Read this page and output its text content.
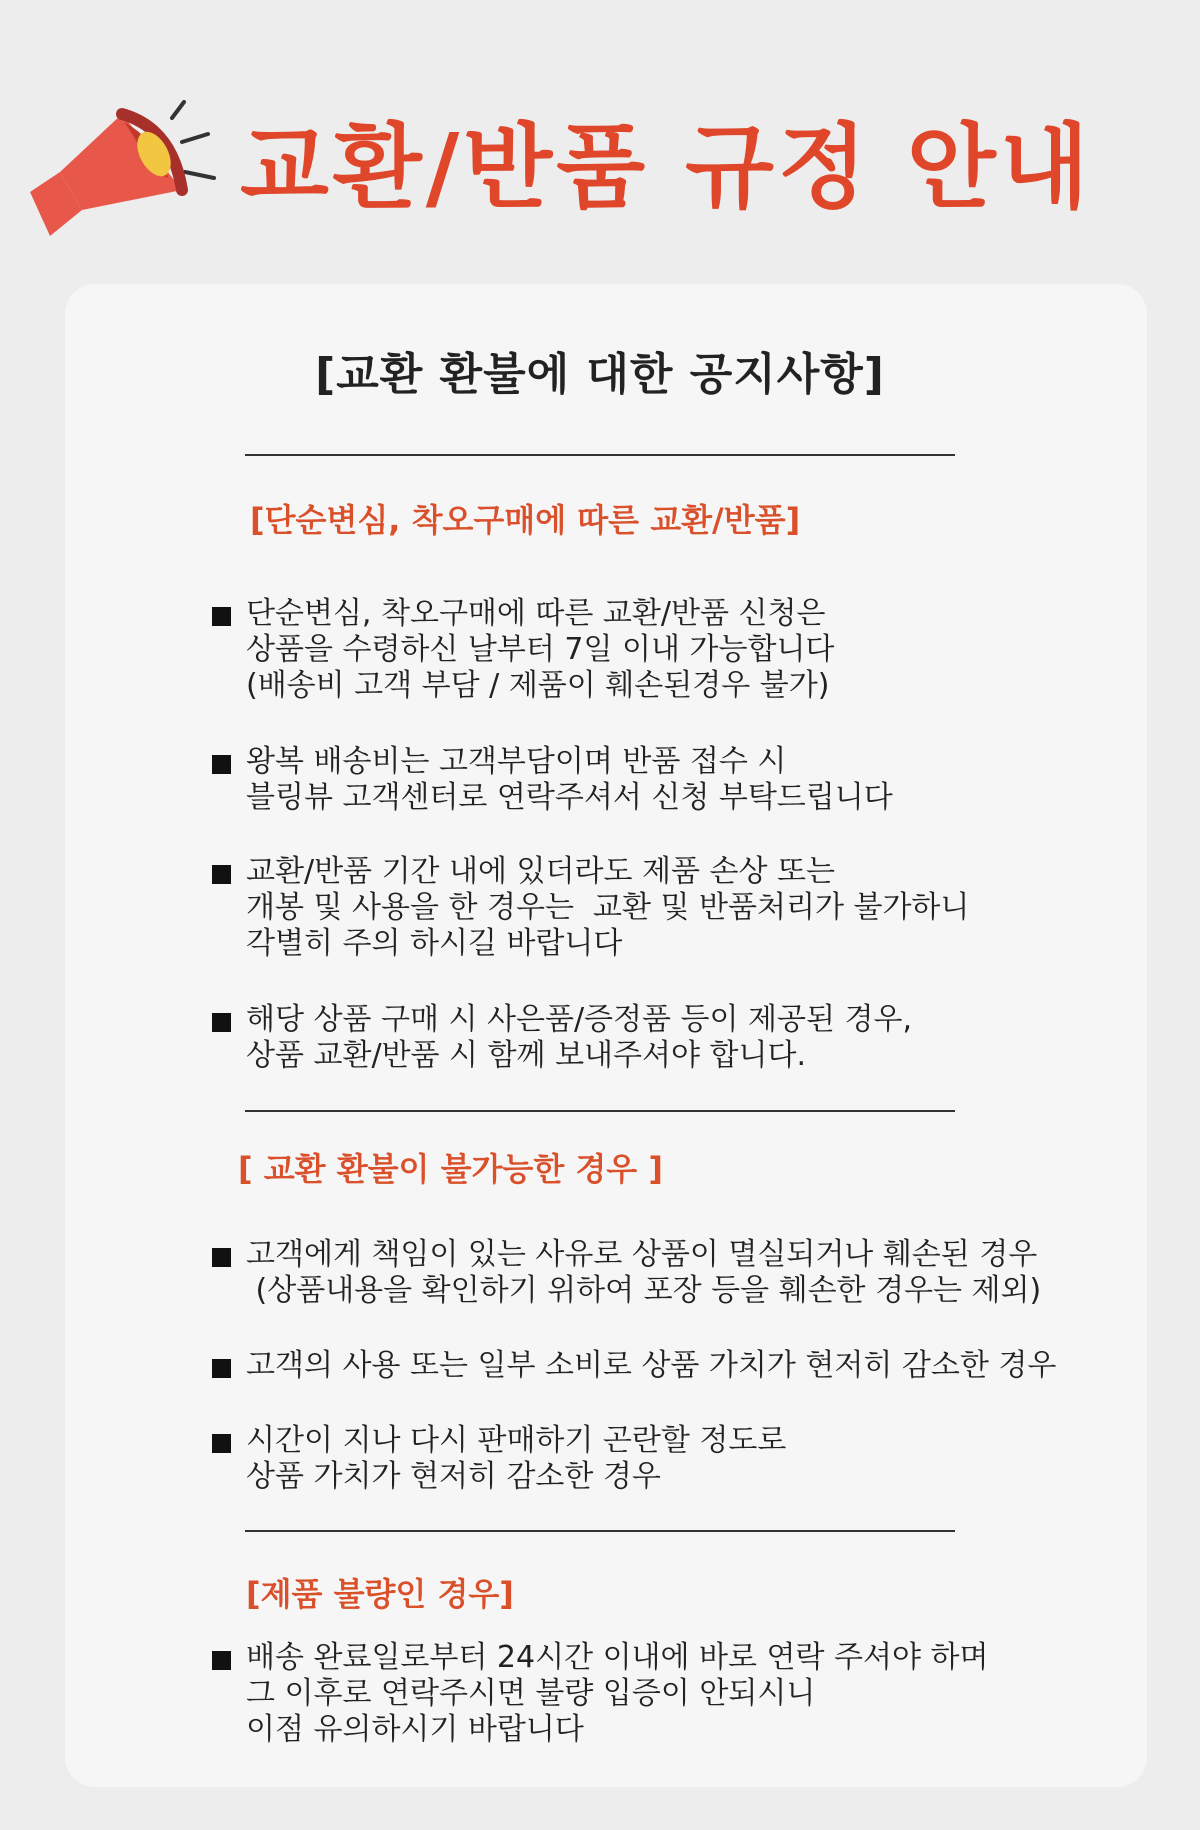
교환/반품 규정 안내
[교환 환불에 대한 공지사항]
[단순변심, 착오구매에 따른 교환/반품]
단순변심, 착오구매에 따른 교환/반품 신청은
상품을 수령하신 날부터 7일 이내 가능합니다
(배송비 고객 부담 / 제품이 훼손된경우 불가)
왕복 배송비는 고객부담이며 반품 접수 시
블링뷰 고객센터로 연락주셔서 신청 부탁드립니다
교환/반품 기간 내에 있더라도 제품 손상 또는
개봉 및 사용을 한 경우는  교환 및 반품처리가 불가하니
각별히 주의 하시길 바랍니다
해당 상품 구매 시 사은품/증정품 등이 제공된 경우,
상품 교환/반품 시 함께 보내주셔야 합니다.
[ 교환 환불이 불가능한 경우 ]
고객에게 책임이 있는 사유로 상품이 멸실되거나 훼손된 경우
(상품내용을 확인하기 위하여 포장 등을 훼손한 경우는 제외)
고객의 사용 또는 일부 소비로 상품 가치가 현저히 감소한 경우
시간이 지나 다시 판매하기 곤란할 정도로
상품 가치가 현저히 감소한 경우
[제품 불량인 경우]
배송 완료일로부터 24시간 이내에 바로 연락 주셔야 하며
그 이후로 연락주시면 불량 입증이 안되시니
이점 유의하시기 바랍니다
